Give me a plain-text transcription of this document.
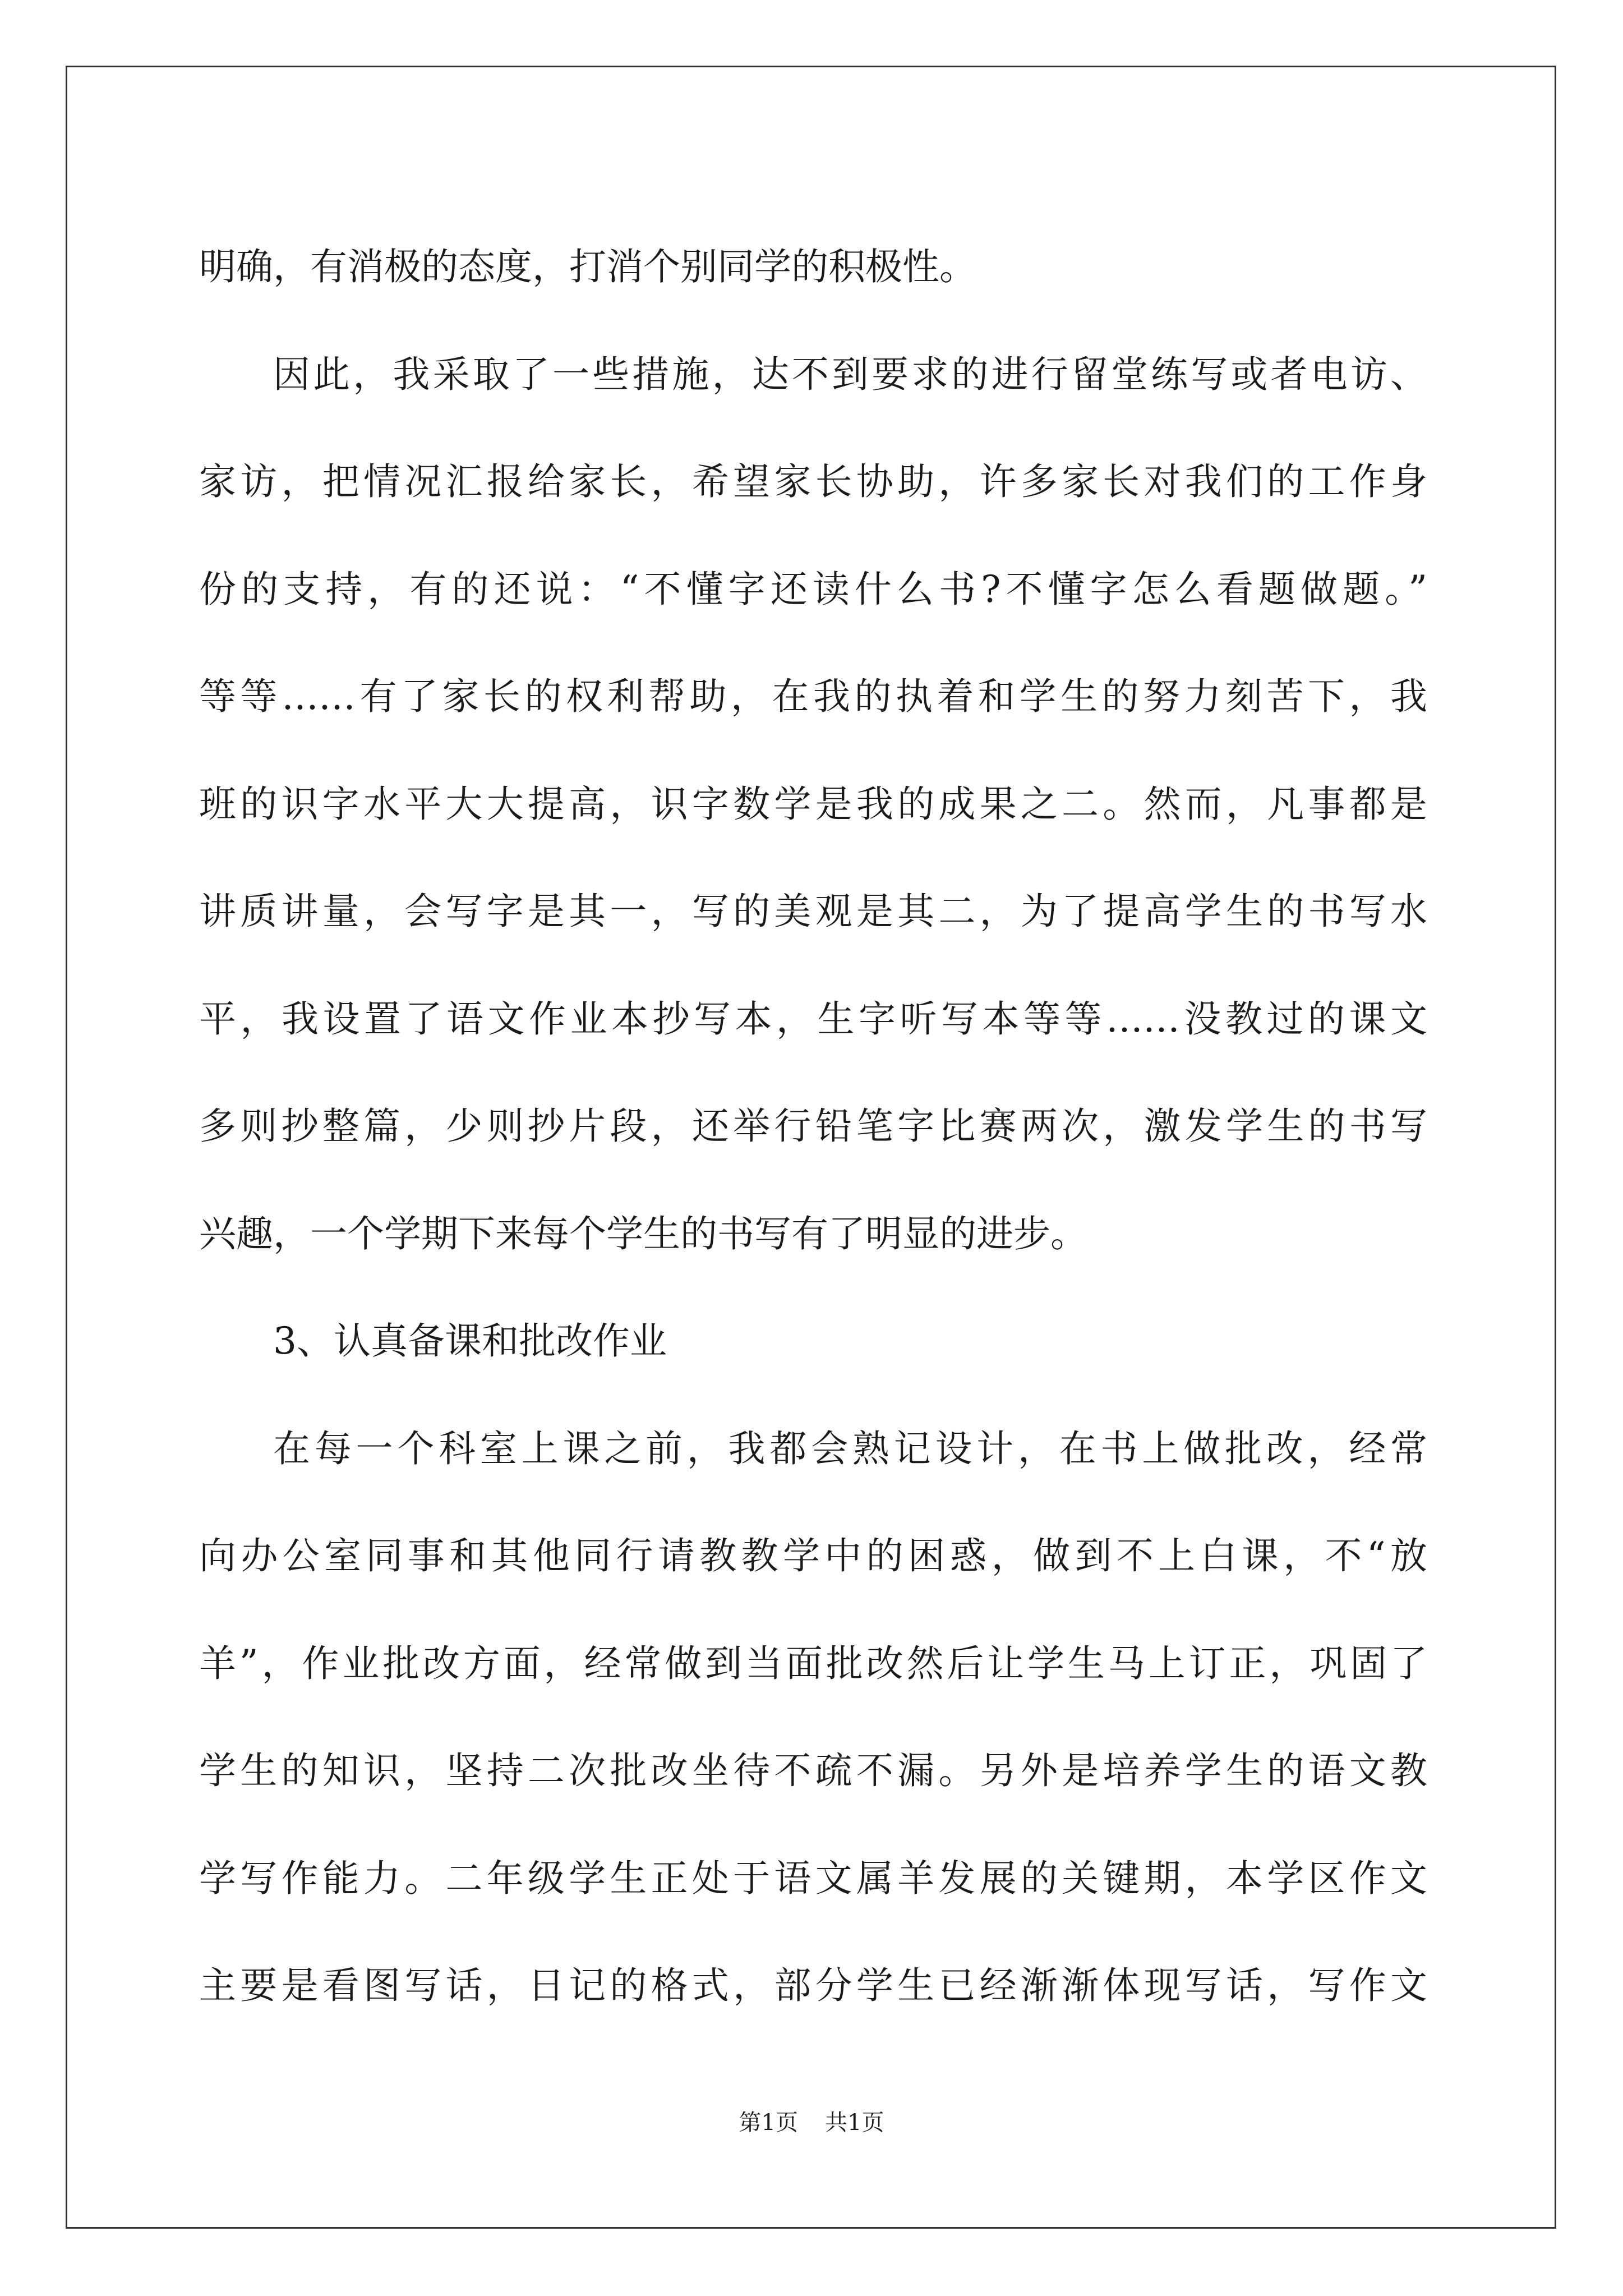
明确，有消极的态度，打消个别同学的积极性。
因此，我采取了一些措施，达不到要求的进行留堂练写或者电访、
家访，把情况汇报给家长，希望家长协助，许多家长对我们的工作身
份的支持，有的还说：“不懂字还读什么书?不懂字怎么看题做题。”
等等……有了家长的权利帮助，在我的执着和学生的努力刻苦下，我
班的识字水平大大提高，识字数学是我的成果之二。然而，凡事都是
讲质讲量，会写字是其一，写的美观是其二，为了提高学生的书写水
平，我设置了语文作业本抄写本，生字听写本等等……没教过的课文
多则抄整篇，少则抄片段，还举行铅笔字比赛两次，激发学生的书写
兴趣，一个学期下来每个学生的书写有了明显的进步。
3、认真备课和批改作业
在每一个科室上课之前，我都会熟记设计，在书上做批改，经常
向办公室同事和其他同行请教教学中的困惑，做到不上白课，不“放
羊”，作业批改方面，经常做到当面批改然后让学生马上订正，巩固了
学生的知识，坚持二次批改坐待不疏不漏。另外是培养学生的语文教
学写作能力。二年级学生正处于语文属羊发展的关键期，本学区作文
主要是看图写话，日记的格式，部分学生已经渐渐体现写话，写作文
第1页 共1页
